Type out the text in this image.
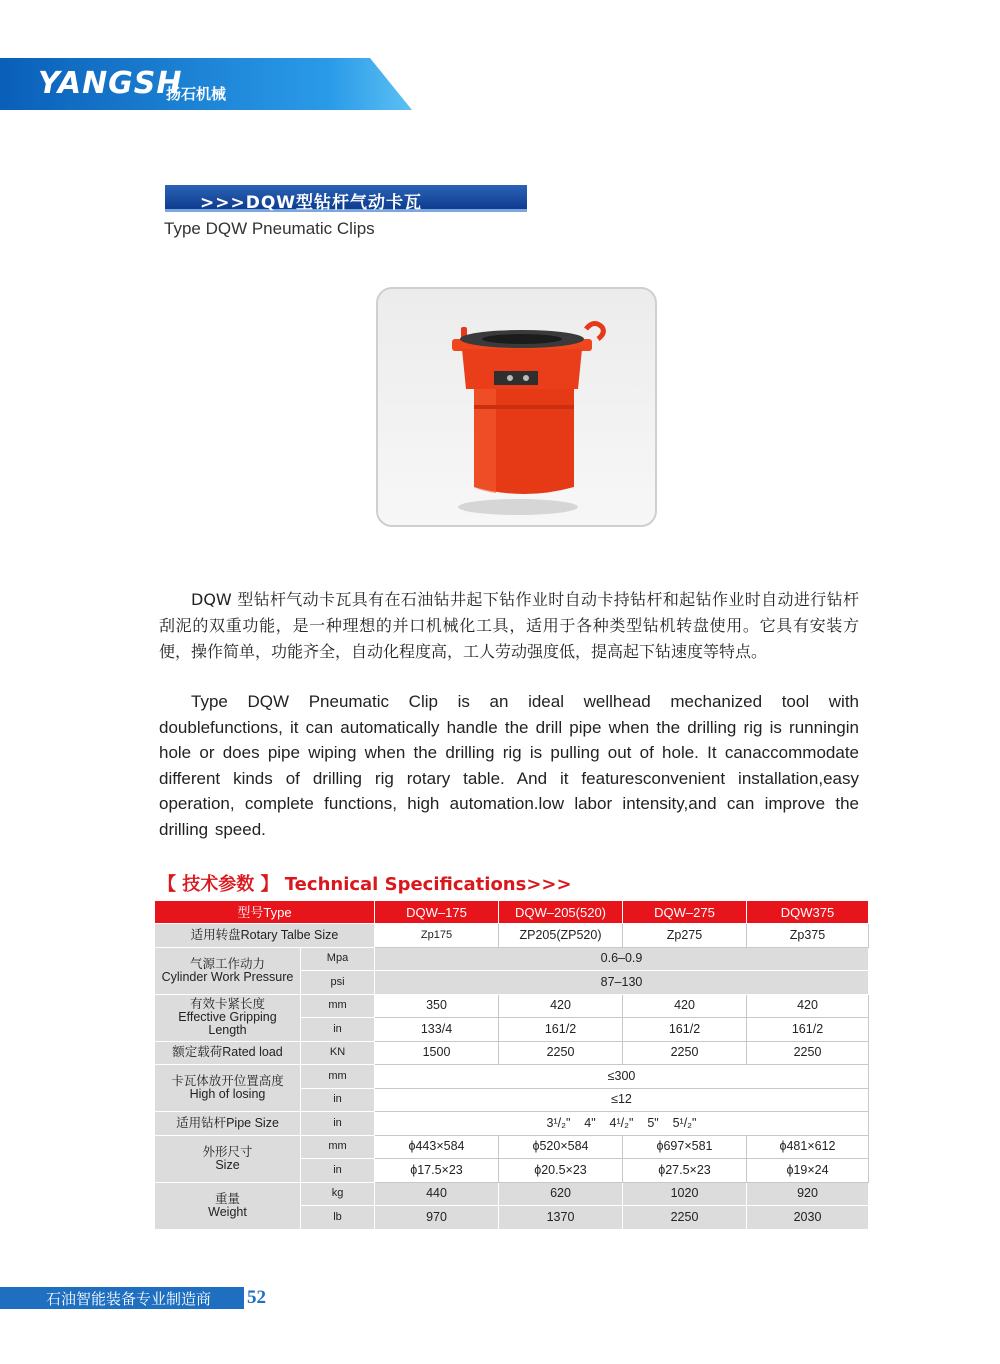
YANGSH
扬石机械
>>>DQW型钻杆气动卡瓦
Type DQW Pneumatic Clips

DQW 型钻杆气动卡瓦具有在石油钻井起下钻作业时自动卡持钻杆和起钻作业时自动进行钻杆刮泥的双重功能，是一种理想的并口机械化工具，适用于各种类型钻机转盘使用。它具有安装方便，操作简单，功能齐全，自动化程度高，工人劳动强度低，提高起下钻速度等特点。

Type DQW Pneumatic Clip is an ideal wellhead mechanized tool with doublefunctions, it can automatically handle the drill pipe when the drilling rig is runningin hole or does pipe wiping when the drilling rig is pulling out of hole. It canaccommodate different kinds of drilling rig rotary table. And it featuresconvenient installation,easy operation, complete functions, high automation.low labor intensity,and can improve the drilling speed.

【 技术参数 】 Technical Specifications>>>
型号Type		DQW–175	DQW–205(520)	DQW–275	DQW375
适用转盘Rotary Talbe Size		Zp175	ZP205(ZP520)	Zp275	Zp375

气源工作动力
Cylinder Work Pressure	Mpa	0.6–0.9			
	psi	87–130			

有效卡紧长度
Effective Gripping
Length	mm	350	420	420	420
	in	133/4	161/2	161/2	161/2
额定载荷Rated load	KN	1500	2250	2250	2250

卡瓦体放开位置高度
High of losing	mm	≤300			
	in	≤12			
适用钻杆Pipe Size	in	3¹/₂"    4"    4¹/₂"    5"    5¹/₂"			

外形尺寸
Size	mm	ϕ443×584	ϕ520×584	ϕ697×581	ϕ481×612
	in	ϕ17.5×23	ϕ20.5×23	ϕ27.5×23	ϕ19×24

重量
Weight	kg	440	620	1020	920
	lb	970	1370	2250	2030
石油智能装备专业制造商 52
